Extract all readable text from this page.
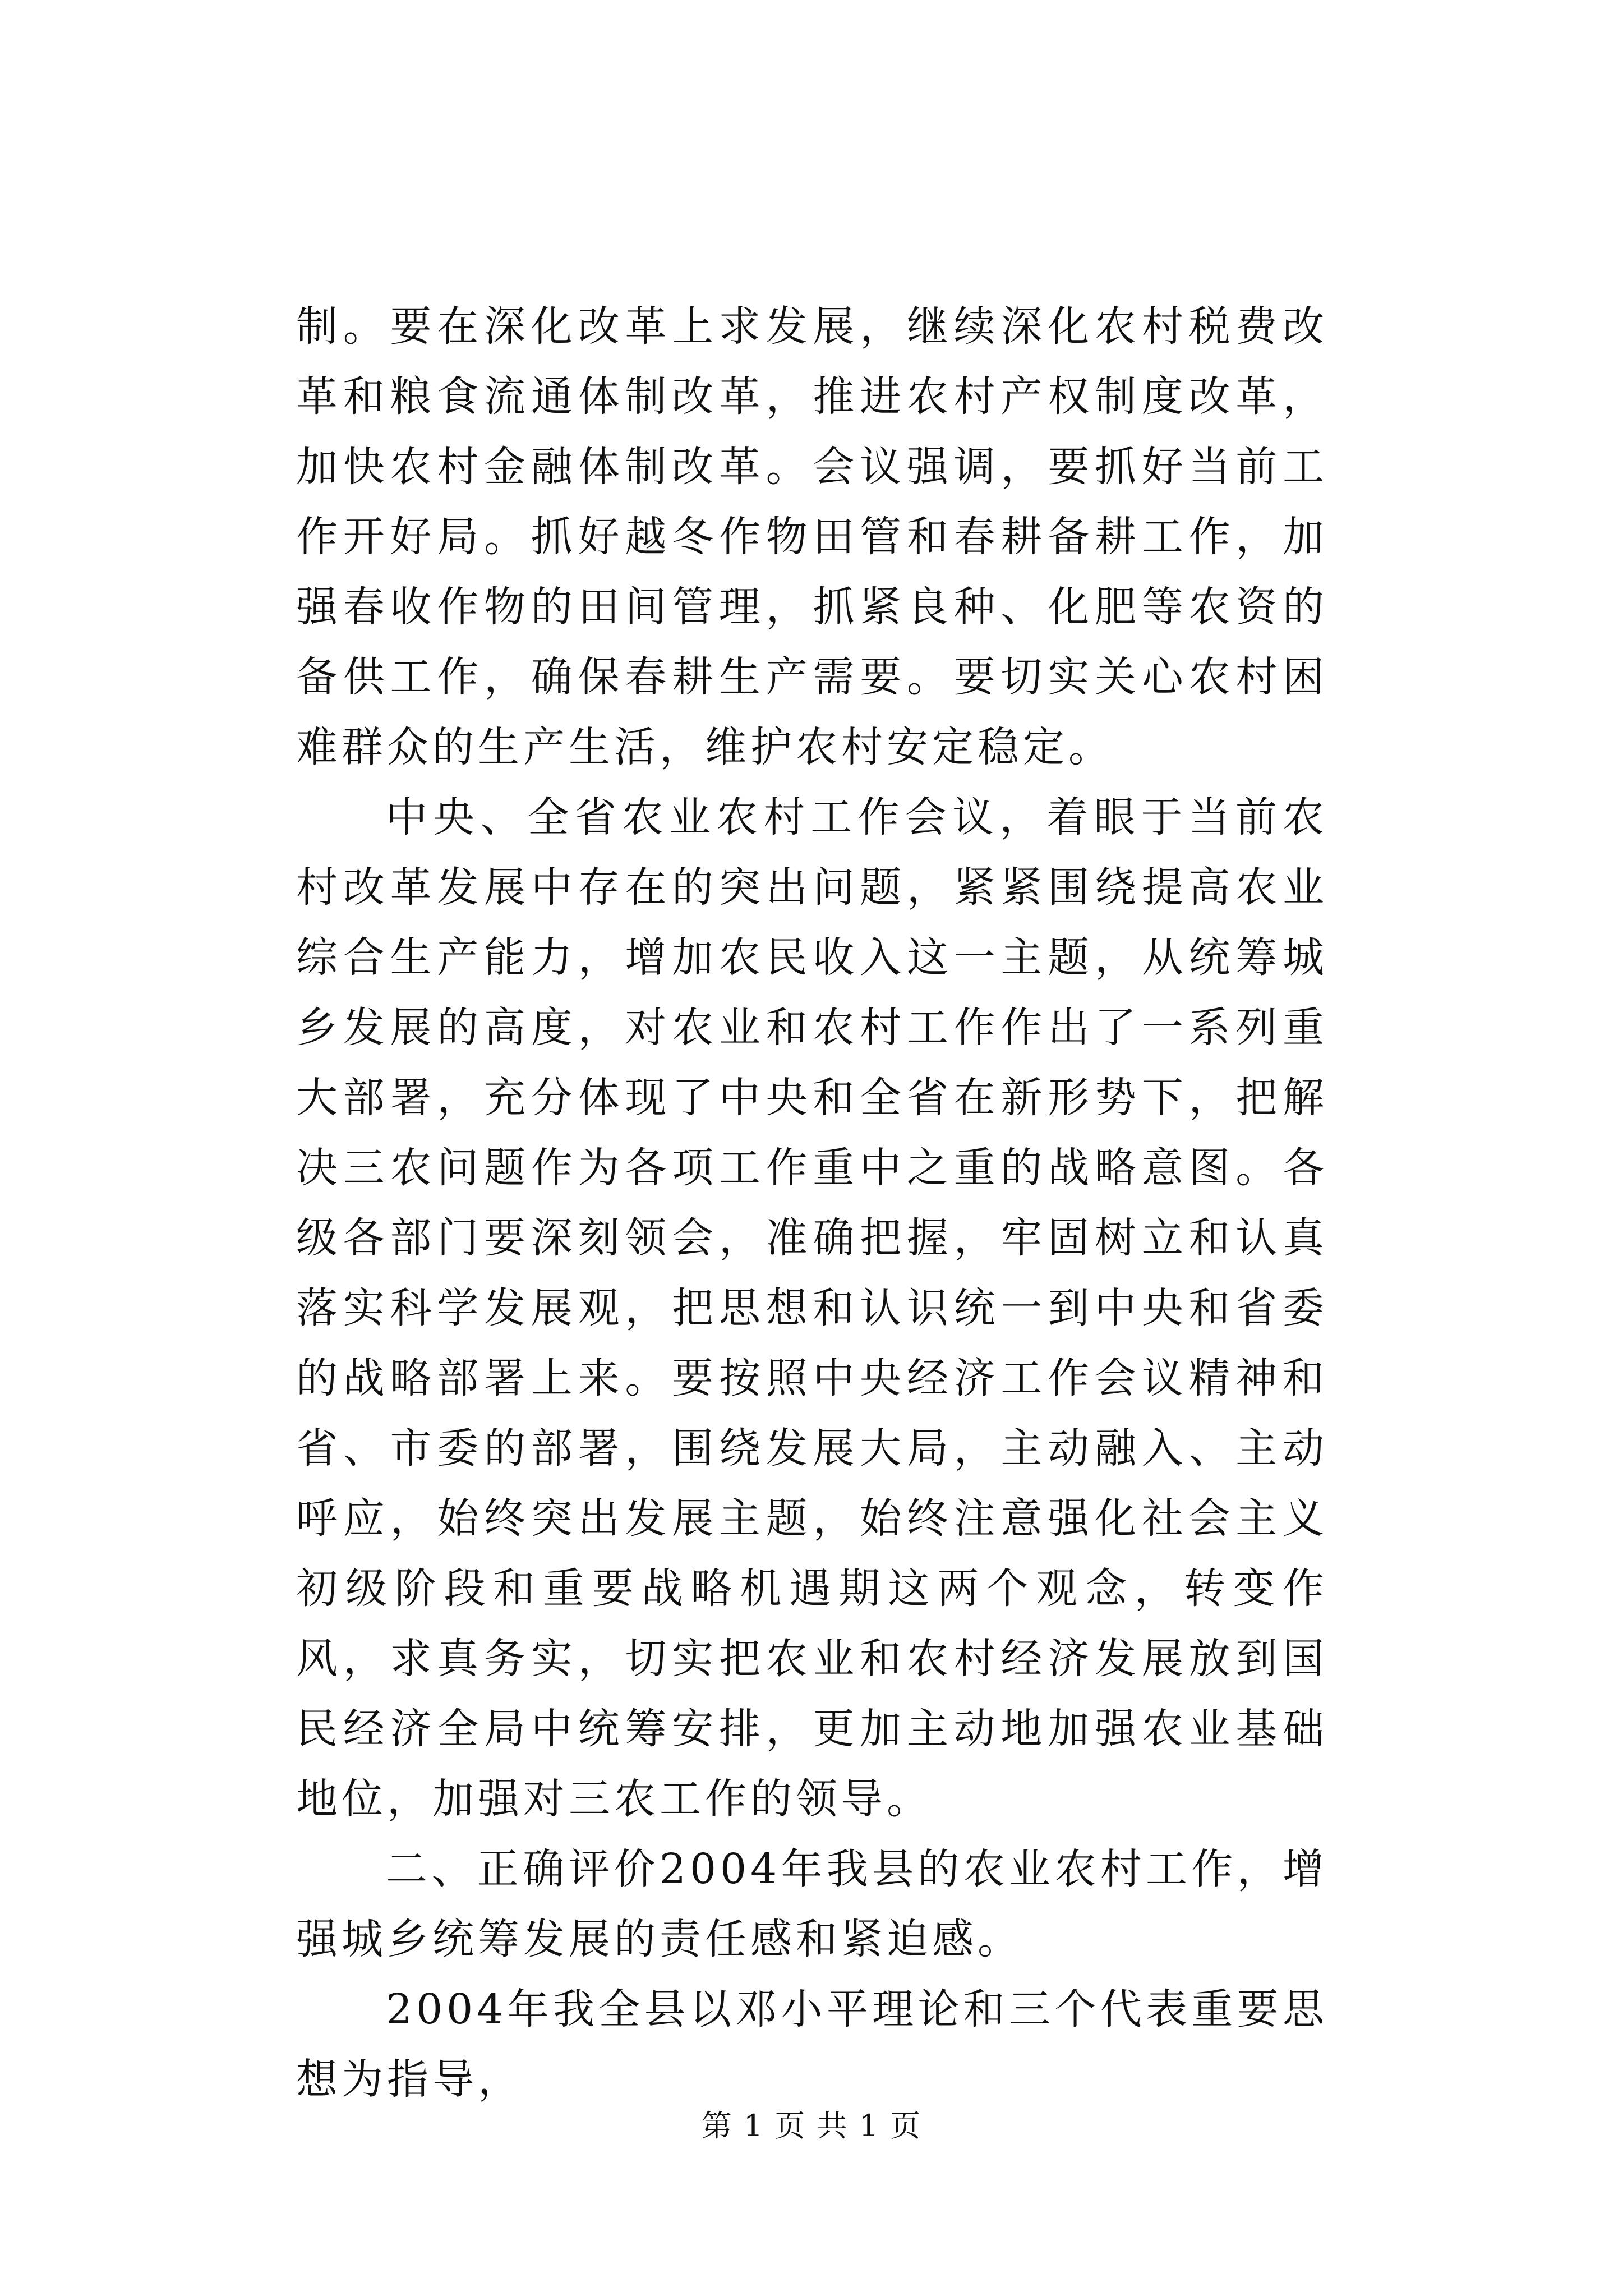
制。要在深化改革上求发展，继续深化农村税费改革和粮食流通体制改革，推进农村产权制度改革，加快农村金融体制改革。会议强调，要抓好当前工作开好局。抓好越冬作物田管和春耕备耕工作，加强春收作物的田间管理，抓紧良种、化肥等农资的备供工作，确保春耕生产需要。要切实关心农村困难群众的生产生活，维护农村安定稳定。

中央、全省农业农村工作会议，着眼于当前农村改革发展中存在的突出问题，紧紧围绕提高农业综合生产能力，增加农民收入这一主题，从统筹城乡发展的高度，对农业和农村工作作出了一系列重大部署，充分体现了中央和全省在新形势下，把解决三农问题作为各项工作重中之重的战略意图。各级各部门要深刻领会，准确把握，牢固树立和认真落实科学发展观，把思想和认识统一到中央和省委的战略部署上来。要按照中央经济工作会议精神和省、市委的部署，围绕发展大局，主动融入、主动呼应，始终突出发展主题，始终注意强化社会主义初级阶段和重要战略机遇期这两个观念，转变作风，求真务实，切实把农业和农村经济发展放到国民经济全局中统筹安排，更加主动地加强农业基础地位，加强对三农工作的领导。

二、正确评价2004年我县的农业农村工作，增强城乡统筹发展的责任感和紧迫感。

2004年我全县以邓小平理论和三个代表重要思想为指导，

第 1 页 共 1 页
